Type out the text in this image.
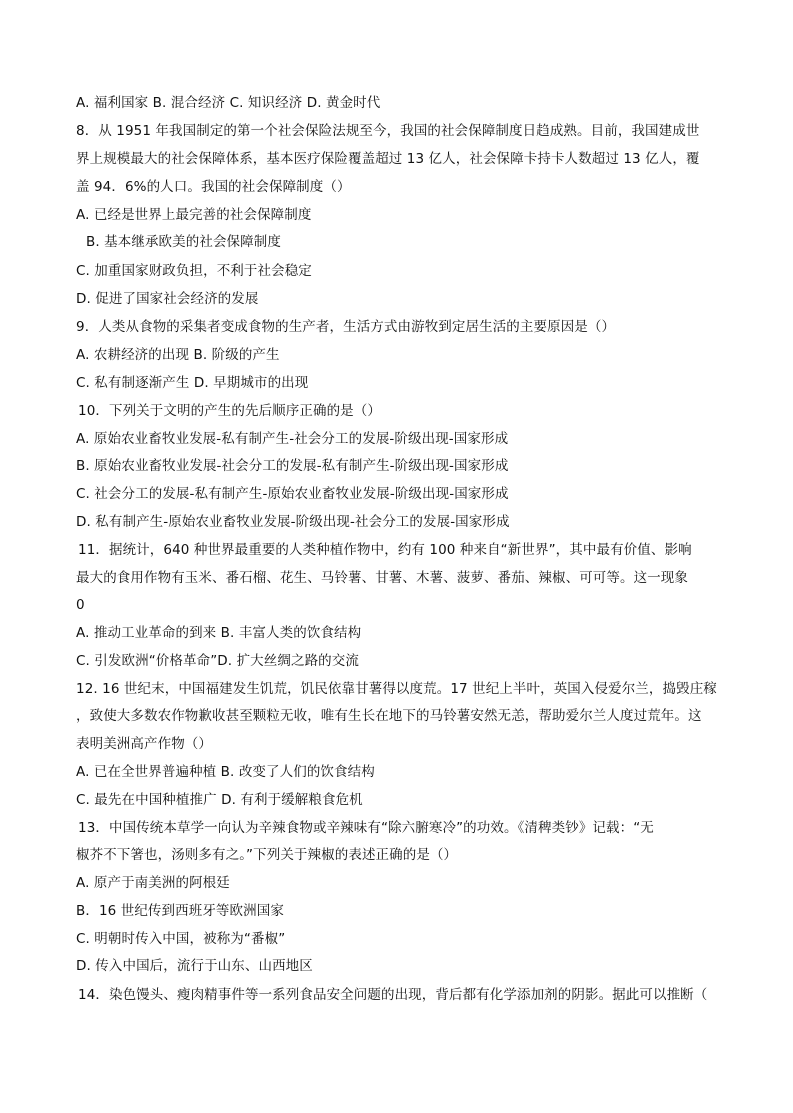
A. 福利国家 B. 混合经济 C. 知识经济 D. 黄金时代
8．从 1951 年我国制定的第一个社会保险法规至今，我国的社会保障制度日趋成熟。目前，我国建成世
界上规模最大的社会保障体系，基本医疗保险覆盖超过 13 亿人，社会保障卡持卡人数超过 13 亿人，覆
盖 94．6%的人口。我国的社会保障制度（）
A. 已经是世界上最完善的社会保障制度
B. 基本继承欧美的社会保障制度
C. 加重国家财政负担，不利于社会稳定
D. 促进了国家社会经济的发展
9．人类从食物的采集者变成食物的生产者，生活方式由游牧到定居生活的主要原因是（）
A. 农耕经济的出现 B. 阶级的产生
C. 私有制逐渐产生 D. 早期城市的出现
10．下列关于文明的产生的先后顺序正确的是（）
A. 原始农业畜牧业发展-私有制产生-社会分工的发展-阶级出现-国家形成
B. 原始农业畜牧业发展-社会分工的发展-私有制产生-阶级出现-国家形成
C. 社会分工的发展-私有制产生-原始农业畜牧业发展-阶级出现-国家形成
D. 私有制产生-原始农业畜牧业发展-阶级出现-社会分工的发展-国家形成
11．据统计，640 种世界最重要的人类种植作物中，约有 100 种来自“新世界”，其中最有价值、影响
最大的食用作物有玉米、番石榴、花生、马铃薯、甘薯、木薯、菠萝、番茄、辣椒、可可等。这一现象
0
A. 推动工业革命的到来 B. 丰富人类的饮食结构
C. 引发欧洲“价格革命”D. 扩大丝绸之路的交流
12. 16 世纪末，中国福建发生饥荒，饥民依靠甘薯得以度荒。17 世纪上半叶，英国入侵爱尔兰，捣毁庄稼
，致使大多数农作物歉收甚至颗粒无收，唯有生长在地下的马铃薯安然无恙，帮助爱尔兰人度过荒年。这
表明美洲高产作物（）
A. 已在全世界普遍种植 B. 改变了人们的饮食结构
C. 最先在中国种植推广 D. 有利于缓解粮食危机
13．中国传统本草学一向认为辛辣食物或辛辣味有“除六腑寒冷”的功效。《清稗类钞》记载：“无
椒芥不下箸也，汤则多有之。”下列关于辣椒的表述正确的是（）
A. 原产于南美洲的阿根廷
B．16 世纪传到西班牙等欧洲国家
C. 明朝时传入中国，被称为“番椒”
D. 传入中国后，流行于山东、山西地区
14．染色馒头、瘦肉精事件等一系列食品安全问题的出现，背后都有化学添加剂的阴影。据此可以推断（
